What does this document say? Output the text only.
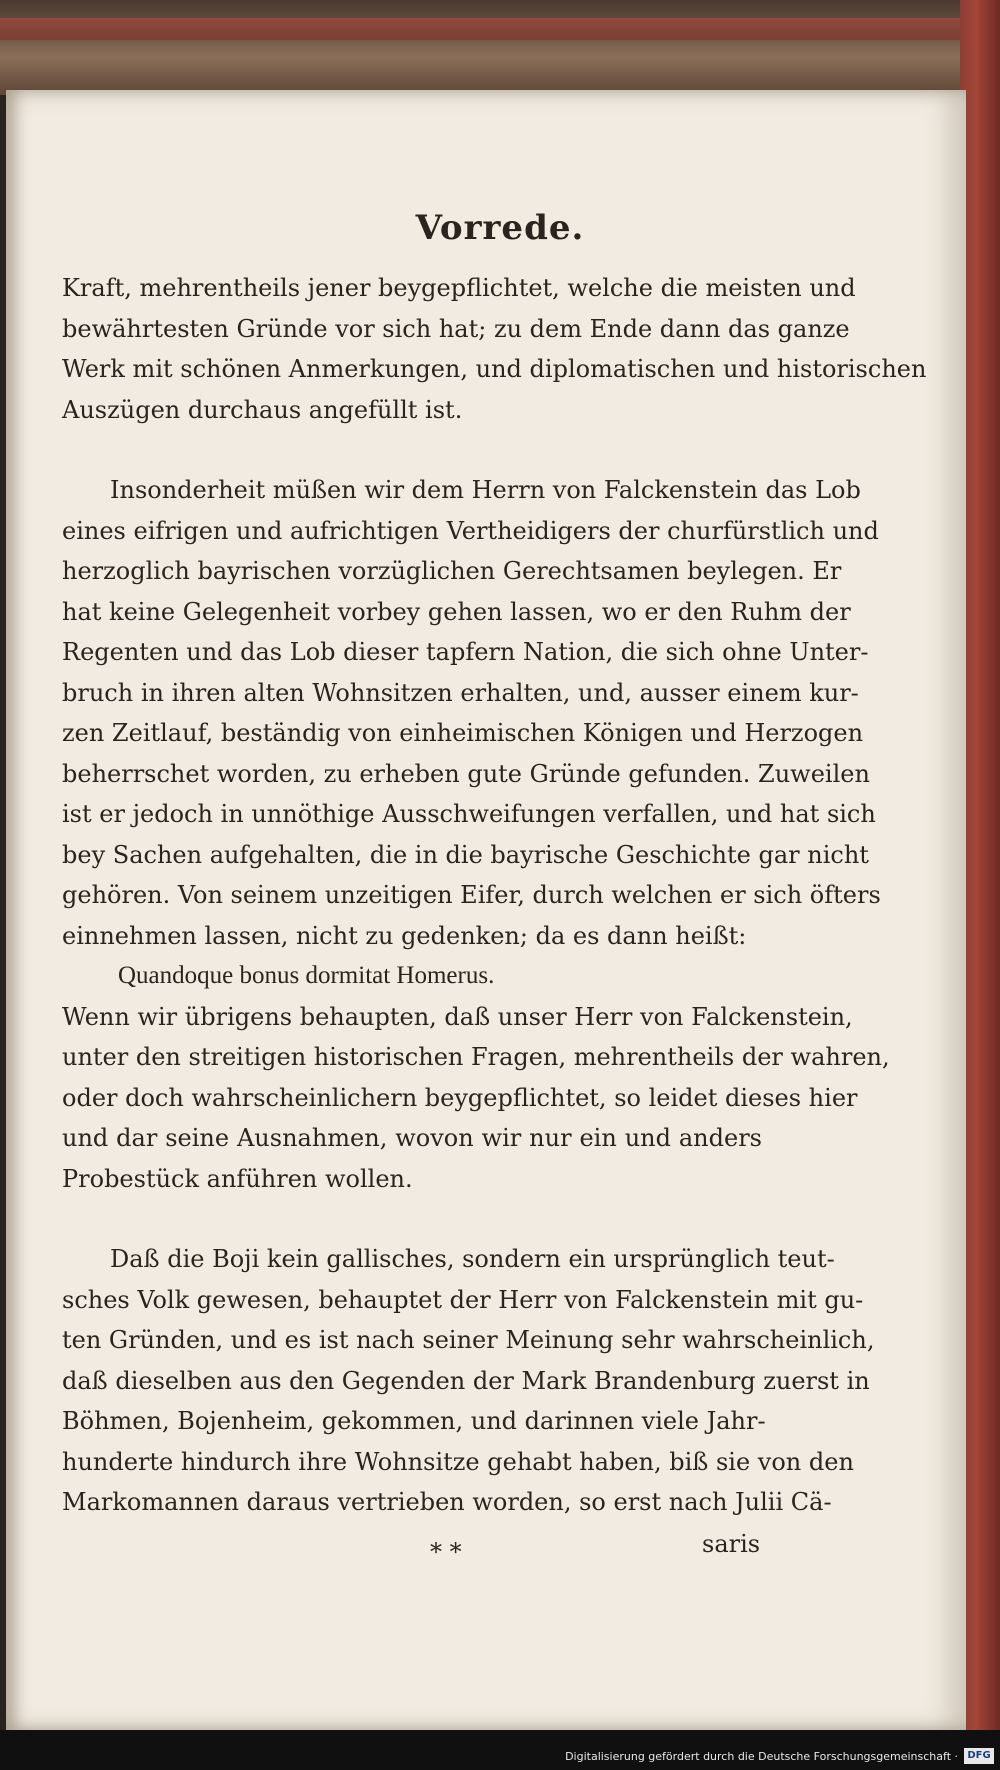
Vorrede.
Kraft, mehrentheils jener beygepflichtet, welche die meisten und
bewährtesten Gründe vor sich hat; zu dem Ende dann das ganze
Werk mit schönen Anmerkungen, und diplomatischen und historischen
Auszügen durchaus angefüllt ist.
Insonderheit müßen wir dem Herrn von Falckenstein das Lob
eines eifrigen und aufrichtigen Vertheidigers der churfürstlich und
herzoglich bayrischen vorzüglichen Gerechtsamen beylegen. Er
hat keine Gelegenheit vorbey gehen lassen, wo er den Ruhm der
Regenten und das Lob dieser tapfern Nation, die sich ohne Unter-
bruch in ihren alten Wohnsitzen erhalten, und, ausser einem kur-
zen Zeitlauf, beständig von einheimischen Königen und Herzogen
beherrschet worden, zu erheben gute Gründe gefunden. Zuweilen
ist er jedoch in unnöthige Ausschweifungen verfallen, und hat sich
bey Sachen aufgehalten, die in die bayrische Geschichte gar nicht
gehören. Von seinem unzeitigen Eifer, durch welchen er sich öfters
einnehmen lassen, nicht zu gedenken; da es dann heißt:
Quandoque bonus dormitat Homerus.
Wenn wir übrigens behaupten, daß unser Herr von Falckenstein,
unter den streitigen historischen Fragen, mehrentheils der wahren,
oder doch wahrscheinlichern beygepflichtet, so leidet dieses hier
und dar seine Ausnahmen, wovon wir nur ein und anders
Probestück anführen wollen.
Daß die Boji kein gallisches, sondern ein ursprünglich teut-
sches Volk gewesen, behauptet der Herr von Falckenstein mit gu-
ten Gründen, und es ist nach seiner Meinung sehr wahrscheinlich,
daß dieselben aus den Gegenden der Mark Brandenburg zuerst in
Böhmen, Bojenheim, gekommen, und darinnen viele Jahr-
hunderte hindurch ihre Wohnsitze gehabt haben, biß sie von den
Markomannen daraus vertrieben worden, so erst nach Julii Cä-
* *	saris
Digitalisierung gefördert durch die Deutsche Forschungsgemeinschaft · DFG
